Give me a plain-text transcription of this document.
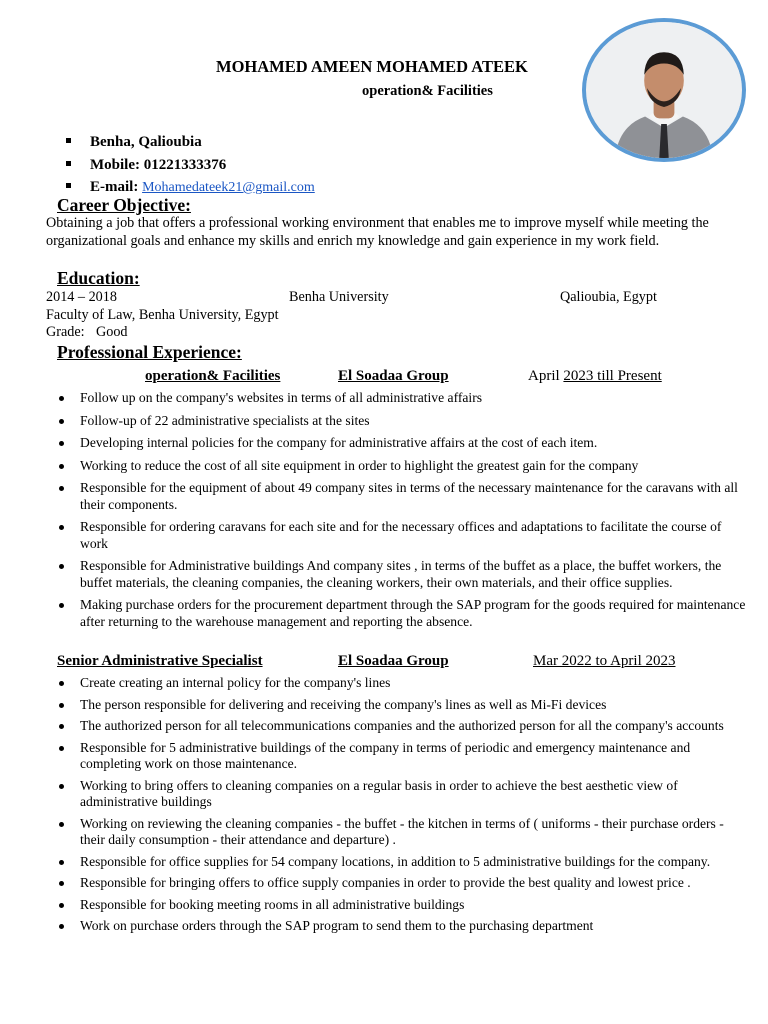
MOHAMED AMEEN MOHAMED ATEEK
operation& Facilities
Benha, Qalioubia
Mobile: 01221333376
E-mail: Mohamedateek21@gmail.com
Career Objective:

Obtaining a job that offers a professional working environment that enables me to improve myself while meeting the organizational goals and enhance my skills and enrich my knowledge and gain experience in my work field.

Education:
2014 – 2018	Benha University	Qalioubia, Egypt
Faculty of Law, Benha University, Egypt
Grade: Good
Professional Experience:
operation& Facilities	El Soadaa Group	April 2023 till Present
Follow up on the company's websites in terms of all administrative affairs
Follow-up of 22 administrative specialists at the sites
Developing internal policies for the company for administrative affairs at the cost of each item.
Working to reduce the cost of all site equipment in order to highlight the greatest gain for the company
Responsible for the equipment of about 49 company sites in terms of the necessary maintenance for the caravans with all their components.
Responsible for ordering caravans for each site and for the necessary offices and adaptations to facilitate the course of work
Responsible for Administrative buildings And company sites , in terms of the buffet as a place, the buffet workers, the buffet materials, the cleaning companies, the cleaning workers, their own materials, and their office supplies.
Making purchase orders for the procurement department through the SAP program for the goods required for maintenance after returning to the warehouse management and reporting the absence.
Senior Administrative Specialist	El Soadaa Group	Mar 2022 to April 2023
Create creating an internal policy for the company's lines
The person responsible for delivering and receiving the company's lines as well as Mi-Fi devices
The authorized person for all telecommunications companies and the authorized person for all the company's accounts
Responsible for 5 administrative buildings of the company in terms of periodic and emergency maintenance and completing work on those maintenance.
Working to bring offers to cleaning companies on a regular basis in order to achieve the best aesthetic view of administrative buildings
Working on reviewing the cleaning companies - the buffet - the kitchen in terms of ( uniforms - their purchase orders - their daily consumption - their attendance and departure) .
Responsible for office supplies for 54 company locations, in addition to 5 administrative buildings for the company.
Responsible for bringing offers to office supply companies in order to provide the best quality and lowest price .
Responsible for booking meeting rooms in all administrative buildings
Work on purchase orders through the SAP program to send them to the purchasing department
